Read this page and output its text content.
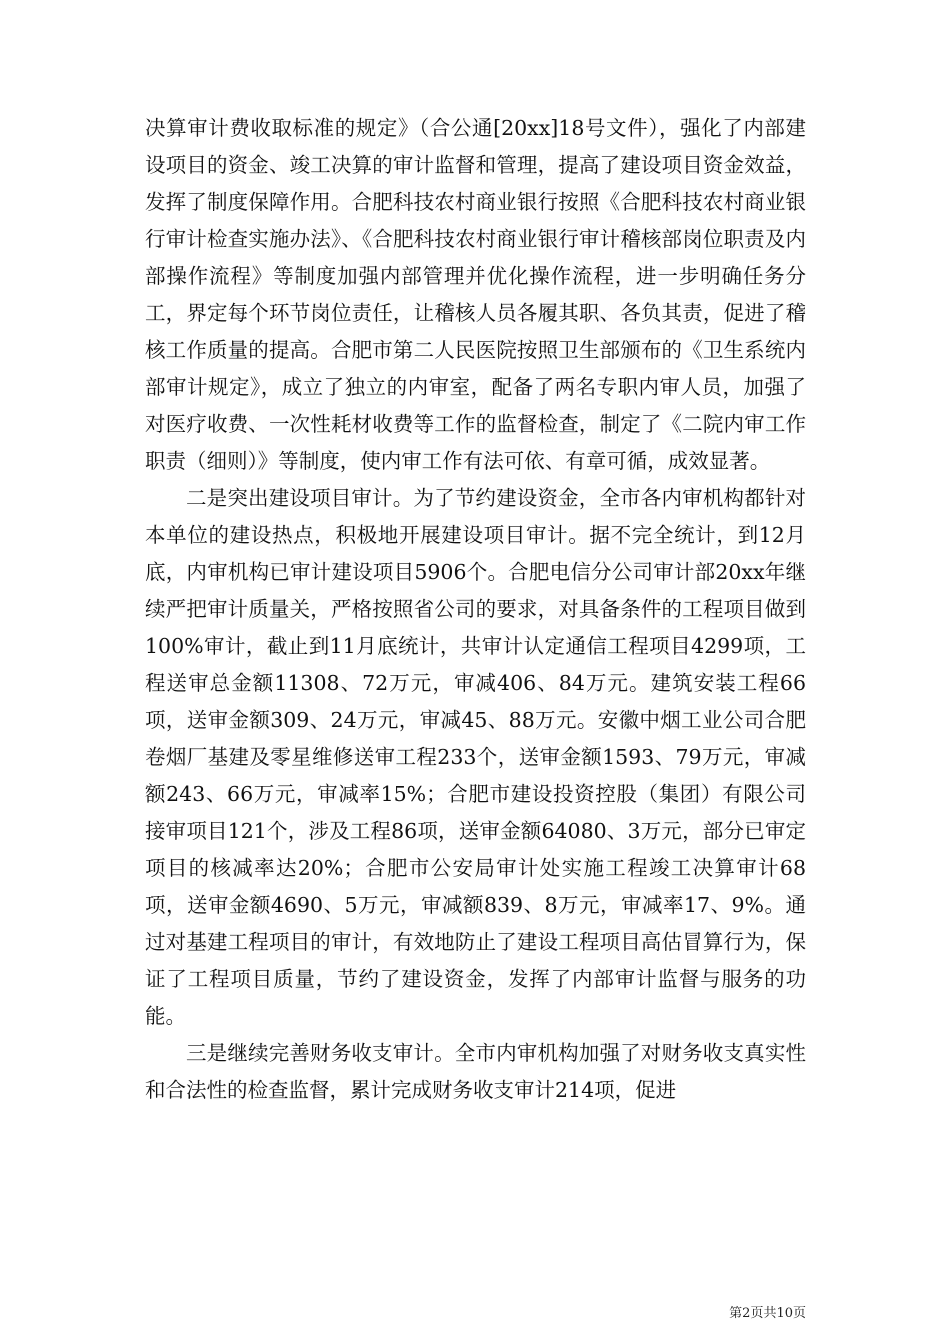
决算审计费收取标准的规定》（合公通[20xx]18号文件），强化了内部建设项目的资金、竣工决算的审计监督和管理，提高了建设项目资金效益，发挥了制度保障作用。合肥科技农村商业银行按照《合肥科技农村商业银行审计检查实施办法》、《合肥科技农村商业银行审计稽核部岗位职责及内部操作流程》等制度加强内部管理并优化操作流程，进一步明确任务分工，界定每个环节岗位责任，让稽核人员各履其职、各负其责，促进了稽核工作质量的提高。合肥市第二人民医院按照卫生部颁布的《卫生系统内部审计规定》，成立了独立的内审室，配备了两名专职内审人员，加强了对医疗收费、一次性耗材收费等工作的监督检查，制定了《二院内审工作职责（细则）》等制度，使内审工作有法可依、有章可循，成效显著。

二是突出建设项目审计。为了节约建设资金，全市各内审机构都针对本单位的建设热点，积极地开展建设项目审计。据不完全统计，到12月底，内审机构已审计建设项目5906个。合肥电信分公司审计部20xx年继续严把审计质量关，严格按照省公司的要求，对具备条件的工程项目做到100%审计，截止到11月底统计，共审计认定通信工程项目4299项，工程送审总金额11308、72万元，审减406、84万元。建筑安装工程66项，送审金额309、24万元，审减45、88万元。安徽中烟工业公司合肥卷烟厂基建及零星维修送审工程233个，送审金额1593、79万元，审减额243、66万元，审减率15%；合肥市建设投资控股（集团）有限公司接审项目121个，涉及工程86项，送审金额64080、3万元，部分已审定项目的核减率达20%；合肥市公安局审计处实施工程竣工决算审计68项，送审金额4690、5万元，审减额839、8万元，审减率17、9%。通过对基建工程项目的审计，有效地防止了建设工程项目高估冒算行为，保证了工程项目质量，节约了建设资金，发挥了内部审计监督与服务的功能。

三是继续完善财务收支审计。全市内审机构加强了对财务收支真实性和合法性的检查监督，累计完成财务收支审计214项，促进

第2页共10页
